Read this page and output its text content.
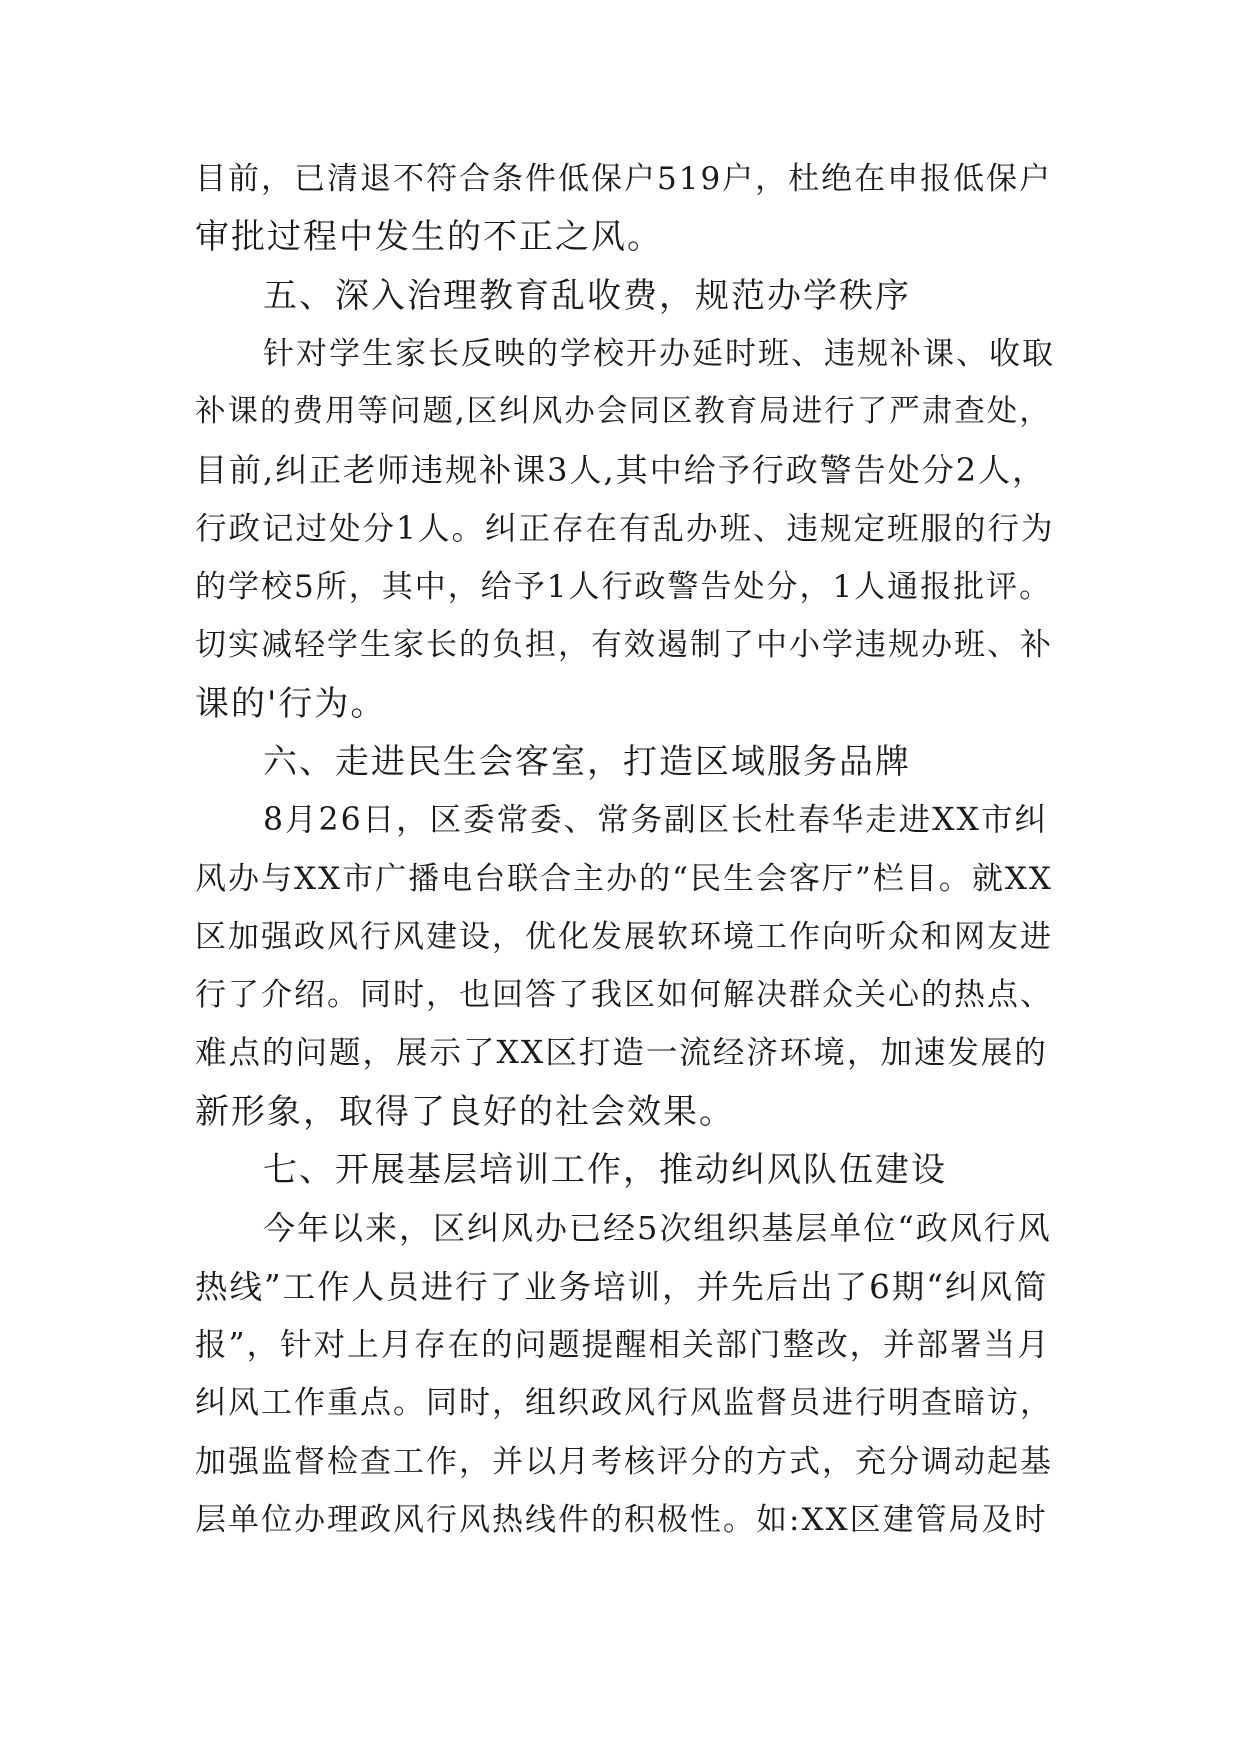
目前，已清退不符合条件低保户519户，杜绝在申报低保户
审批过程中发生的不正之风。
五、深入治理教育乱收费，规范办学秩序
针对学生家长反映的学校开办延时班、违规补课、收取
补课的费用等问题,区纠风办会同区教育局进行了严肃查处，
目前,纠正老师违规补课3人,其中给予行政警告处分2人，
行政记过处分1人。纠正存在有乱办班、违规定班服的行为
的学校5所，其中，给予1人行政警告处分，1人通报批评。
切实减轻学生家长的负担，有效遏制了中小学违规办班、补
课的'行为。
六、走进民生会客室，打造区域服务品牌
8月26日，区委常委、常务副区长杜春华走进XX市纠
风办与XX市广播电台联合主办的“民生会客厅”栏目。就XX
区加强政风行风建设，优化发展软环境工作向听众和网友进
行了介绍。同时，也回答了我区如何解决群众关心的热点、
难点的问题，展示了XX区打造一流经济环境，加速发展的
新形象，取得了良好的社会效果。
七、开展基层培训工作，推动纠风队伍建设
今年以来，区纠风办已经5次组织基层单位“政风行风
热线”工作人员进行了业务培训，并先后出了6期“纠风简
报”，针对上月存在的问题提醒相关部门整改，并部署当月
纠风工作重点。同时，组织政风行风监督员进行明查暗访，
加强监督检查工作，并以月考核评分的方式，充分调动起基
层单位办理政风行风热线件的积极性。如:XX区建管局及时
